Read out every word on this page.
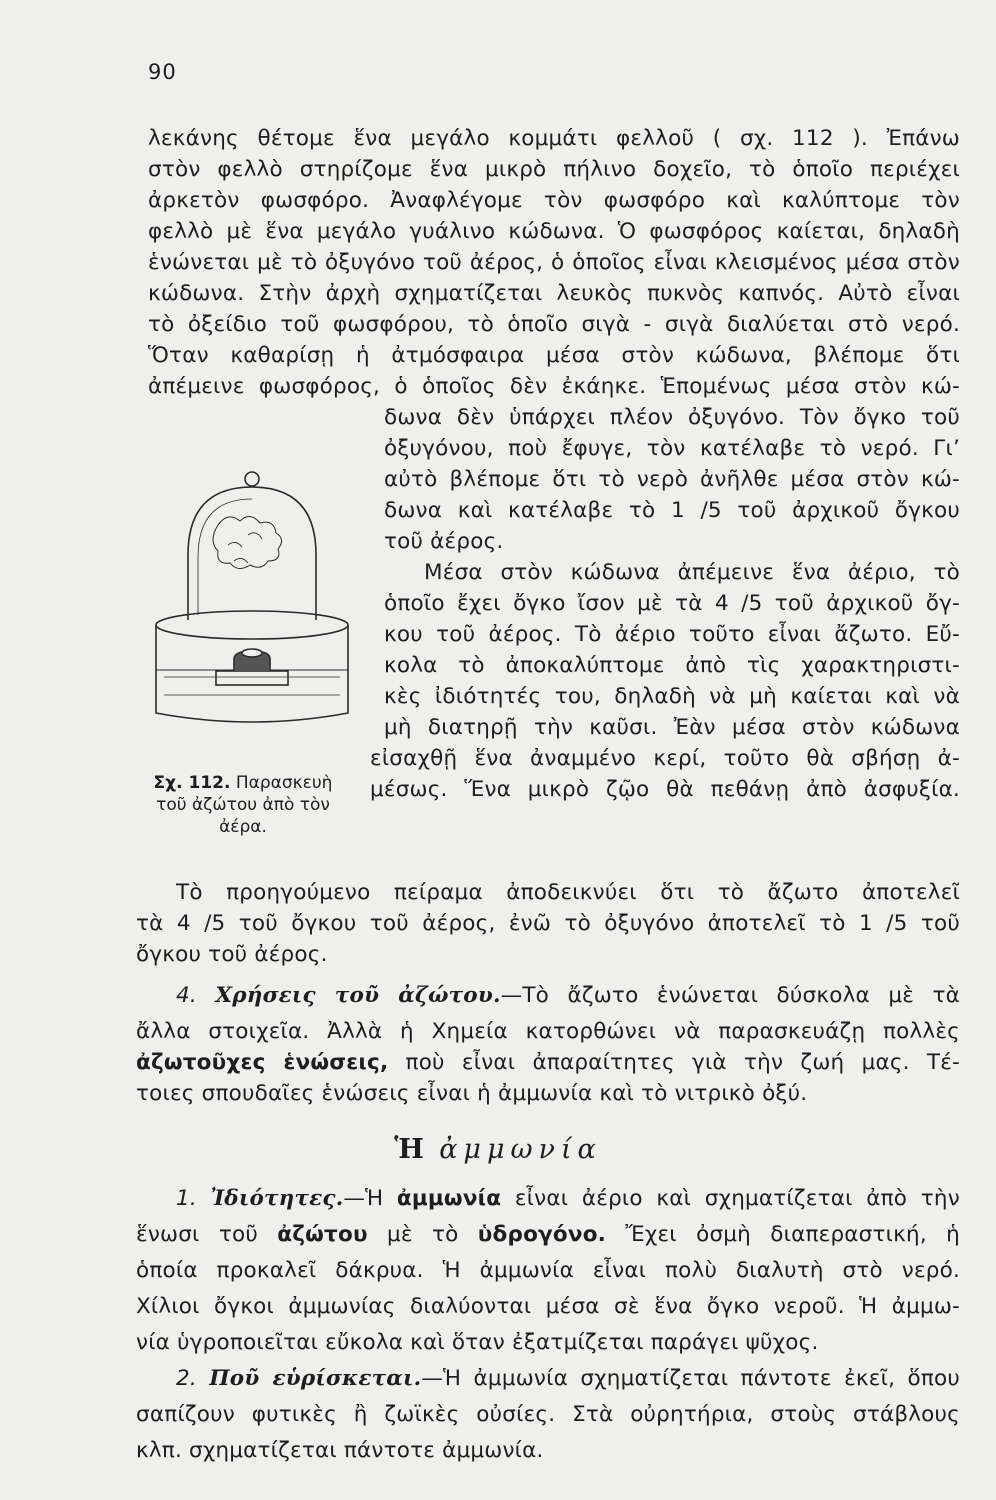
90
λεκάνης θέτομε ἕνα μεγάλο κομμάτι φελλοῦ ( σχ. 112 ). Ἐπάνω
στὸν φελλὸ στηρίζομε ἕνα μικρὸ πήλινο δοχεῖο, τὸ ὁποῖο περιέχει
ἀρκετὸν φωσφόρο. Ἀναφλέγομε τὸν φωσφόρο καὶ καλύπτομε τὸν
φελλὸ μὲ ἕνα μεγάλο γυάλινο κώδωνα. Ὁ φωσφόρος καίεται, δηλαδὴ
ἑνώνεται μὲ τὸ ὀξυγόνο τοῦ ἀέρος, ὁ ὁποῖος εἶναι κλεισμένος μέσα στὸν
κώδωνα. Στὴν ἀρχὴ σχηματίζεται λευκὸς πυκνὸς καπνός. Αὐτὸ εἶναι
τὸ ὀξείδιο τοῦ φωσφόρου, τὸ ὁποῖο σιγὰ - σιγὰ διαλύεται στὸ νερό.
Ὅταν καθαρίσῃ ἡ ἀτμόσφαιρα μέσα στὸν κώδωνα, βλέπομε ὅτι
ἀπέμεινε φωσφόρος, ὁ ὁποῖος δὲν ἐκάηκε. Ἑπομένως μέσα στὸν κώ-
δωνα δὲν ὑπάρχει πλέον ὀξυγόνο. Τὸν ὄγκο τοῦ
ὀξυγόνου, ποὺ ἔφυγε, τὸν κατέλαβε τὸ νερό. Γι’
αὐτὸ βλέπομε ὅτι τὸ νερὸ ἀνῆλθε μέσα στὸν κώ-
δωνα καὶ κατέλαβε τὸ 1 /5 τοῦ ἀρχικοῦ ὄγκου
τοῦ ἀέρος.
Μέσα στὸν κώδωνα ἀπέμεινε ἕνα ἀέριο, τὸ
ὁποῖο ἔχει ὄγκο ἴσον μὲ τὰ 4 /5 τοῦ ἀρχικοῦ ὄγ-
κου τοῦ ἀέρος. Τὸ ἀέριο τοῦτο εἶναι ἄζωτο. Εὔ-
κολα τὸ ἀποκαλύπτομε ἀπὸ τὶς χαρακτηριστι-
κὲς ἰδιότητές του, δηλαδὴ νὰ μὴ καίεται καὶ νὰ
μὴ διατηρῇ τὴν καῦσι. Ἐὰν μέσα στὸν κώδωνα
εἰσαχθῇ ἕνα ἀναμμένο κερί, τοῦτο θὰ σβήσῃ ἀ-
μέσως. Ἕνα μικρὸ ζῷο θὰ πεθάνῃ ἀπὸ ἀσφυξία.
Σχ. 112. Παρασκευὴ
τοῦ ἀζώτου ἀπὸ τὸν
ἀέρα.
Τὸ προηγούμενο πείραμα ἀποδεικνύει ὅτι τὸ ἄζωτο ἀποτελεῖ
τὰ 4 /5 τοῦ ὄγκου τοῦ ἀέρος, ἐνῶ τὸ ὀξυγόνο ἀποτελεῖ τὸ 1 /5 τοῦ
ὄγκου τοῦ ἀέρος.
4. Χρήσεις τοῦ ἀζώτου.—Τὸ ἄζωτο ἑνώνεται δύσκολα μὲ τὰ
ἄλλα στοιχεῖα. Ἀλλὰ ἡ Χημεία κατορθώνει νὰ παρασκευάζῃ πολλὲς
ἀζωτοῦχες ἑνώσεις, ποὺ εἶναι ἀπαραίτητες γιὰ τὴν ζωή μας. Τέ-
τοιες σπουδαῖες ἑνώσεις εἶναι ἡ ἀμμωνία καὶ τὸ νιτρικὸ ὀξύ.
Ἡ ἀμμωνία
1. Ἰδιότητες.—Ἡ ἀμμωνία εἶναι ἀέριο καὶ σχηματίζεται ἀπὸ τὴν
ἕνωσι τοῦ ἀζώτου μὲ τὸ ὑδρογόνο. Ἔχει ὀσμὴ διαπεραστική, ἡ
ὁποία προκαλεῖ δάκρυα. Ἡ ἀμμωνία εἶναι πολὺ διαλυτὴ στὸ νερό.
Χίλιοι ὄγκοι ἀμμωνίας διαλύονται μέσα σὲ ἕνα ὄγκο νεροῦ. Ἡ ἀμμω-
νία ὑγροποιεῖται εὔκολα καὶ ὅταν ἐξατμίζεται παράγει ψῦχος.
2. Ποῦ εὑρίσκεται.—Ἡ ἀμμωνία σχηματίζεται πάντοτε ἐκεῖ, ὅπου
σαπίζουν φυτικὲς ἢ ζωϊκὲς οὐσίες. Στὰ οὐρητήρια, στοὺς στάβλους
κλπ. σχηματίζεται πάντοτε ἀμμωνία.
